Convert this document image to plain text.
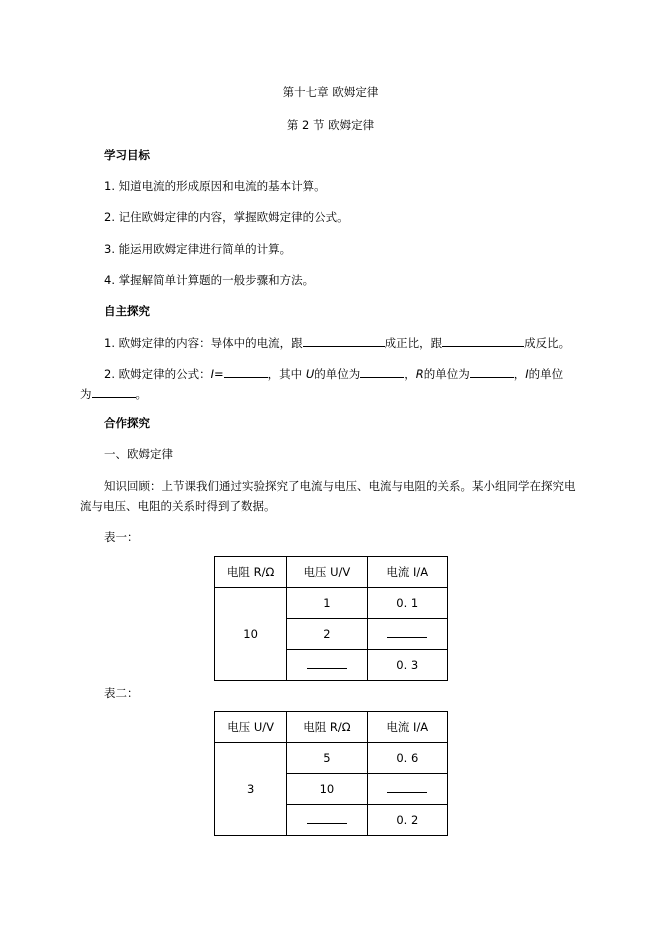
第十七章 欧姆定律
第 2 节 欧姆定律
学习目标
1. 知道电流的形成原因和电流的基本计算。
2. 记住欧姆定律的内容，掌握欧姆定律的公式。
3. 能运用欧姆定律进行简单的计算。
4. 掌握解简单计算题的一般步骤和方法。
自主探究
1. 欧姆定律的内容：导体中的电流，跟	成正比，跟	成反比。
2. 欧姆定律的公式：I=	，其中 U的单位为	，R的单位为	，I的单位
为	。
合作探究
一、欧姆定律
知识回顾：上节课我们通过实验探究了电流与电压、电流与电阻的关系。某小组同学在探究电
流与电压、电阻的关系时得到了数据。
表一：
电阻 R/Ω	电压 U/V	电流 I/A
10	1	0. 1
	2	
		0. 3
表二：
电压 U/V	电阻 R/Ω	电流 I/A
3	5	0. 6
	10	
		0. 2
